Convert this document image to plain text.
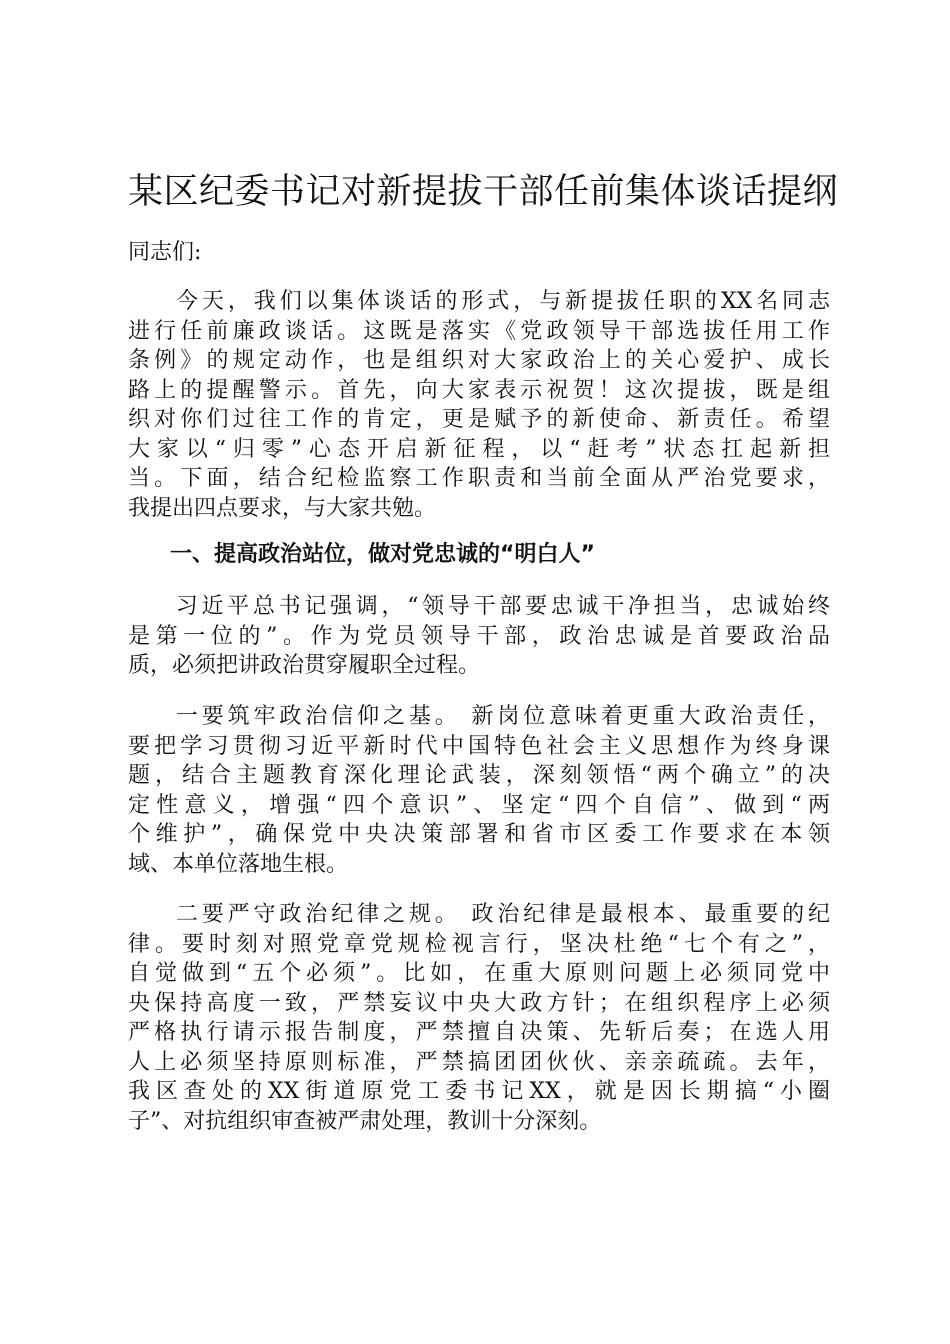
某区纪委书记对新提拔干部任前集体谈话提纲
同志们:
今天，我们以集体谈话的形式，与新提拔任职的XX名同志
进行任前廉政谈话。这既是落实《党政领导干部选拔任用工作
条例》的规定动作，也是组织对大家政治上的关心爱护、成长
路上的提醒警示。首先，向大家表示祝贺！这次提拔，既是组
织对你们过往工作的肯定，更是赋予的新使命、新责任。希望
大家以“归零”心态开启新征程，以“赶考”状态扛起新担
当。下面，结合纪检监察工作职责和当前全面从严治党要求，
我提出四点要求，与大家共勉。
一、提高政治站位，做对党忠诚的“明白人”
习近平总书记强调，“领导干部要忠诚干净担当，忠诚始终
是第一位的”。作为党员领导干部，政治忠诚是首要政治品
质，必须把讲政治贯穿履职全过程。
一要筑牢政治信仰之基。 新岗位意味着更重大政治责任，
要把学习贯彻习近平新时代中国特色社会主义思想作为终身课
题，结合主题教育深化理论武装，深刻领悟“两个确立”的决
定性意义，增强“四个意识”、坚定“四个自信”、做到“两
个维护”，确保党中央决策部署和省市区委工作要求在本领
域、本单位落地生根。
二要严守政治纪律之规。 政治纪律是最根本、最重要的纪
律。要时刻对照党章党规检视言行，坚决杜绝“七个有之”，
自觉做到“五个必须”。比如，在重大原则问题上必须同党中
央保持高度一致，严禁妄议中央大政方针；在组织程序上必须
严格执行请示报告制度，严禁擅自决策、先斩后奏；在选人用
人上必须坚持原则标准，严禁搞团团伙伙、亲亲疏疏。去年，
我区查处的XX街道原党工委书记XX，就是因长期搞“小圈
子”、对抗组织审查被严肃处理，教训十分深刻。
